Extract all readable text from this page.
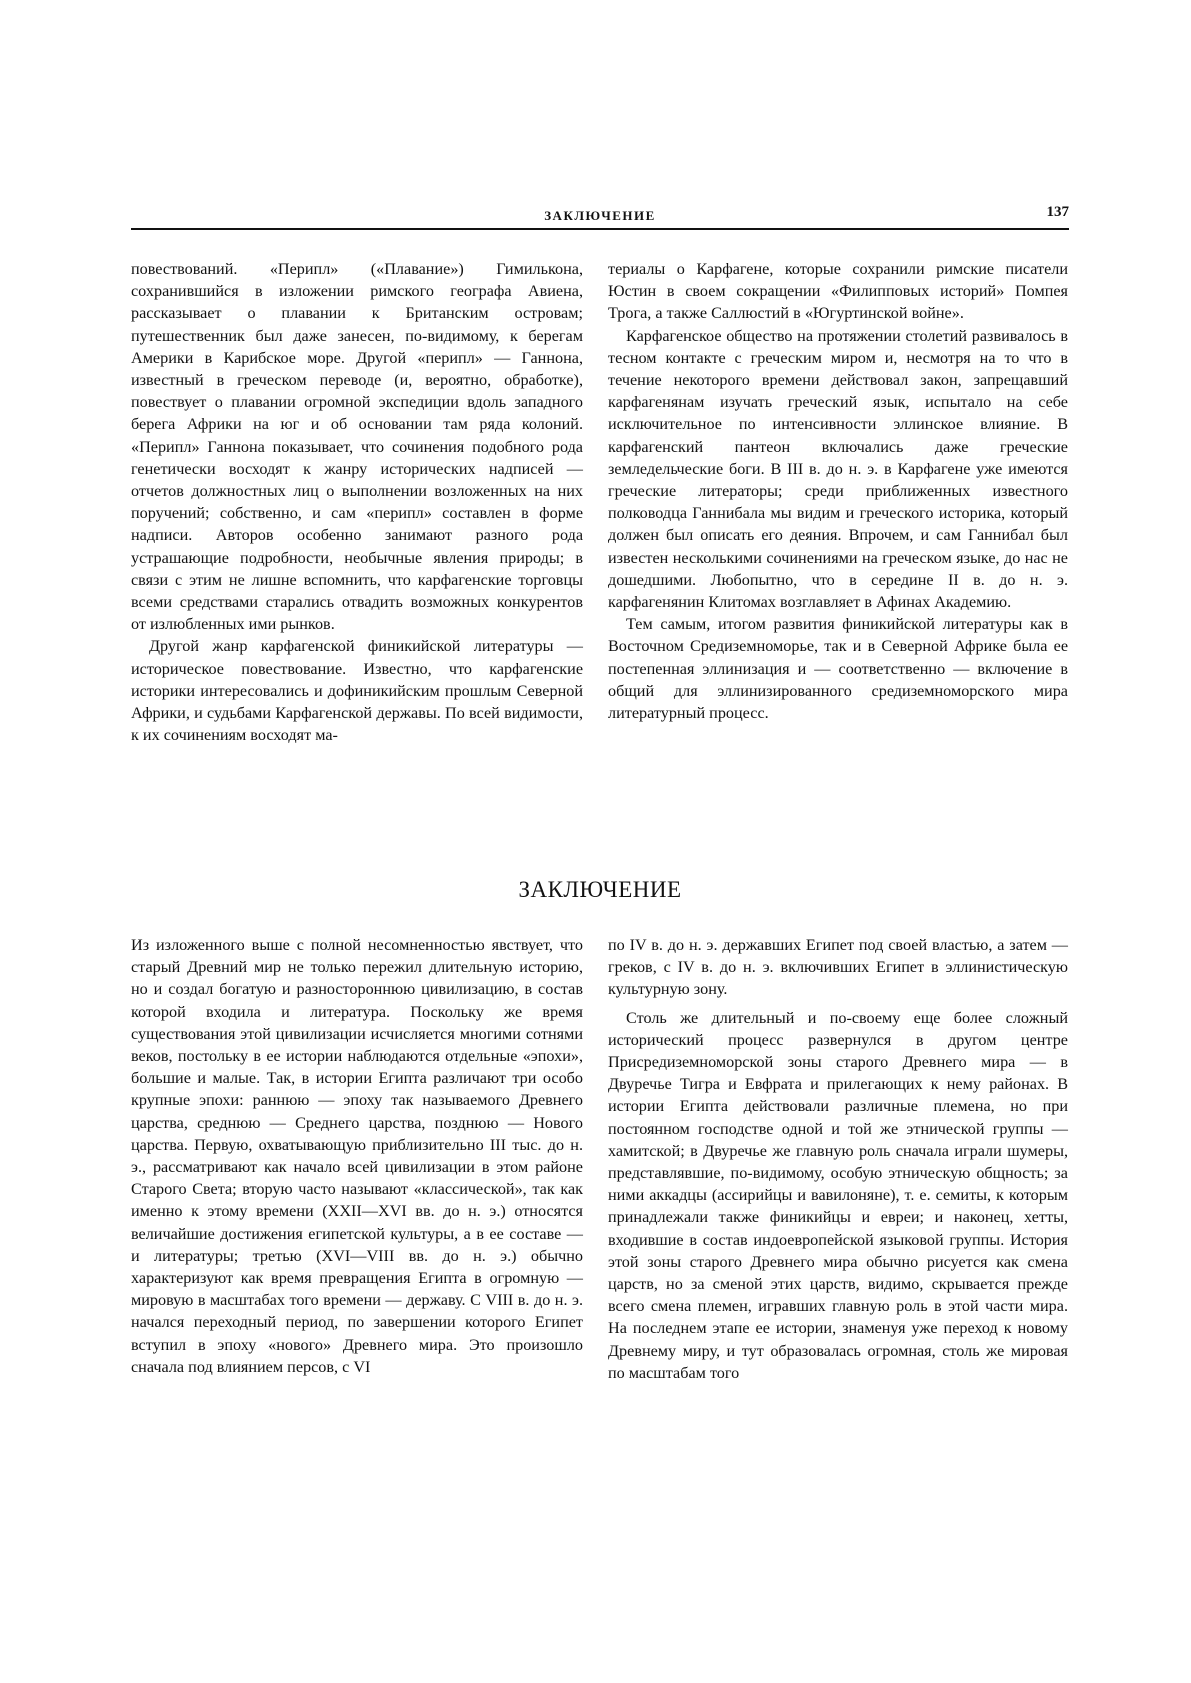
ЗАКЛЮЧЕНИЕ	137

повествований. «Перипл» («Плавание») Гимилькона, сохранившийся в изложении римского географа Авиена, рассказывает о плавании к Британским островам; путешественник был даже занесен, по-видимому, к берегам Америки в Карибское море. Другой «перипл» — Ганнона, известный в греческом переводе (и, вероятно, обработке), повествует о плавании огромной экспедиции вдоль западного берега Африки на юг и об основании там ряда колоний. «Перипл» Ганнона показывает, что сочинения подобного рода генетически восходят к жанру исторических надписей — отчетов должностных лиц о выполнении возложенных на них поручений; собственно, и сам «перипл» составлен в форме надписи. Авторов особенно занимают разного рода устрашающие подробности, необычные явления природы; в связи с этим не лишне вспомнить, что карфагенские торговцы всеми средствами старались отвадить возможных конкурентов от излюбленных ими рынков.

Другой жанр карфагенской финикийской литературы — историческое повествование. Известно, что карфагенские историки интересовались и дофиникийским прошлым Северной Африки, и судьбами Карфагенской державы. По всей видимости, к их сочинениям восходят ма-

териалы о Карфагене, которые сохранили римские писатели Юстин в своем сокращении «Филипповых историй» Помпея Трога, а также Саллюстий в «Югуртинской войне».

Карфагенское общество на протяжении столетий развивалось в тесном контакте с греческим миром и, несмотря на то что в течение некоторого времени действовал закон, запрещавший карфагенянам изучать греческий язык, испытало на себе исключительное по интенсивности эллинское влияние. В карфагенский пантеон включались даже греческие земледельческие боги. В III в. до н. э. в Карфагене уже имеются греческие литераторы; среди приближенных известного полководца Ганнибала мы видим и греческого историка, который должен был описать его деяния. Впрочем, и сам Ганнибал был известен несколькими сочинениями на греческом языке, до нас не дошедшими. Любопытно, что в середине II в. до н. э. карфагенянин Клитомах возглавляет в Афинах Академию.

Тем самым, итогом развития финикийской литературы как в Восточном Средиземноморье, так и в Северной Африке была ее постепенная эллинизация и — соответственно — включение в общий для эллинизированного средиземноморского мира литературный процесс.

ЗАКЛЮЧЕНИЕ

Из изложенного выше с полной несомненностью явствует, что старый Древний мир не только пережил длительную историю, но и создал богатую и разностороннюю цивилизацию, в состав которой входила и литература. Поскольку же время существования этой цивилизации исчисляется многими сотнями веков, постольку в ее истории наблюдаются отдельные «эпохи», большие и малые. Так, в истории Египта различают три особо крупные эпохи: раннюю — эпоху так называемого Древнего царства, среднюю — Среднего царства, позднюю — Нового царства. Первую, охватывающую приблизительно III тыс. до н. э., рассматривают как начало всей цивилизации в этом районе Старого Света; вторую часто называют «классической», так как именно к этому времени (XXII—XVI вв. до н. э.) относятся величайшие достижения египетской культуры, а в ее составе — и литературы; третью (XVI—VIII вв. до н. э.) обычно характеризуют как время превращения Египта в огромную — мировую в масштабах того времени — державу. С VIII в. до н. э. начался переходный период, по завершении которого Египет вступил в эпоху «нового» Древнего мира. Это произошло сначала под влиянием персов, с VI

по IV в. до н. э. державших Египет под своей властью, а затем — греков, с IV в. до н. э. включивших Египет в эллинистическую культурную зону.

Столь же длительный и по-своему еще более сложный исторический процесс развернулся в другом центре Присредиземноморской зоны старого Древнего мира — в Двуречье Тигра и Евфрата и прилегающих к нему районах. В истории Египта действовали различные племена, но при постоянном господстве одной и той же этнической группы — хамитской; в Двуречье же главную роль сначала играли шумеры, представлявшие, по-видимому, особую этническую общность; за ними аккадцы (ассирийцы и вавилоняне), т. е. семиты, к которым принадлежали также финикийцы и евреи; и наконец, хетты, входившие в состав индоевропейской языковой группы. История этой зоны старого Древнего мира обычно рисуется как смена царств, но за сменой этих царств, видимо, скрывается прежде всего смена племен, игравших главную роль в этой части мира. На последнем этапе ее истории, знаменуя уже переход к новому Древнему миру, и тут образовалась огромная, столь же мировая по масштабам того
